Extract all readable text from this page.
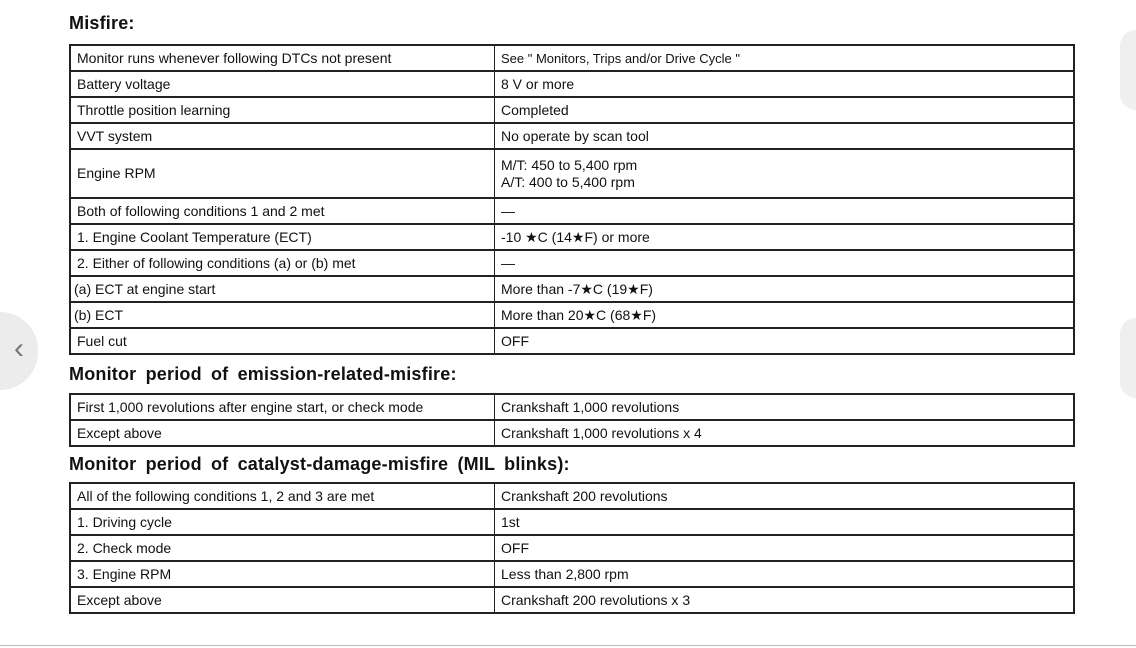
‹
Misfire:
Monitor runs whenever following DTCs not present	See " Monitors, Trips and/or Drive Cycle "
Battery voltage	8 V or more
Throttle position learning	Completed
VVT system	No operate by scan tool
Engine RPM	M/T: 450 to 5,400 rpm
A/T: 400 to 5,400 rpm

Both of following conditions 1 and 2 met	—
1. Engine Coolant Temperature (ECT)	-10 ★C (14★F) or more
2. Either of following conditions (a) or (b) met	—
(a) ECT at engine start	More than -7★C (19★F)
(b) ECT	More than 20★C (68★F)
Fuel cut	OFF
Monitor period of emission-related-misfire:
First 1,000 revolutions after engine start, or check mode	Crankshaft 1,000 revolutions
Except above	Crankshaft 1,000 revolutions x 4
Monitor period of catalyst-damage-misfire (MIL blinks):
All of the following conditions 1, 2 and 3 are met	Crankshaft 200 revolutions
1. Driving cycle	1st
2. Check mode	OFF
3. Engine RPM	Less than 2,800 rpm
Except above	Crankshaft 200 revolutions x 3
